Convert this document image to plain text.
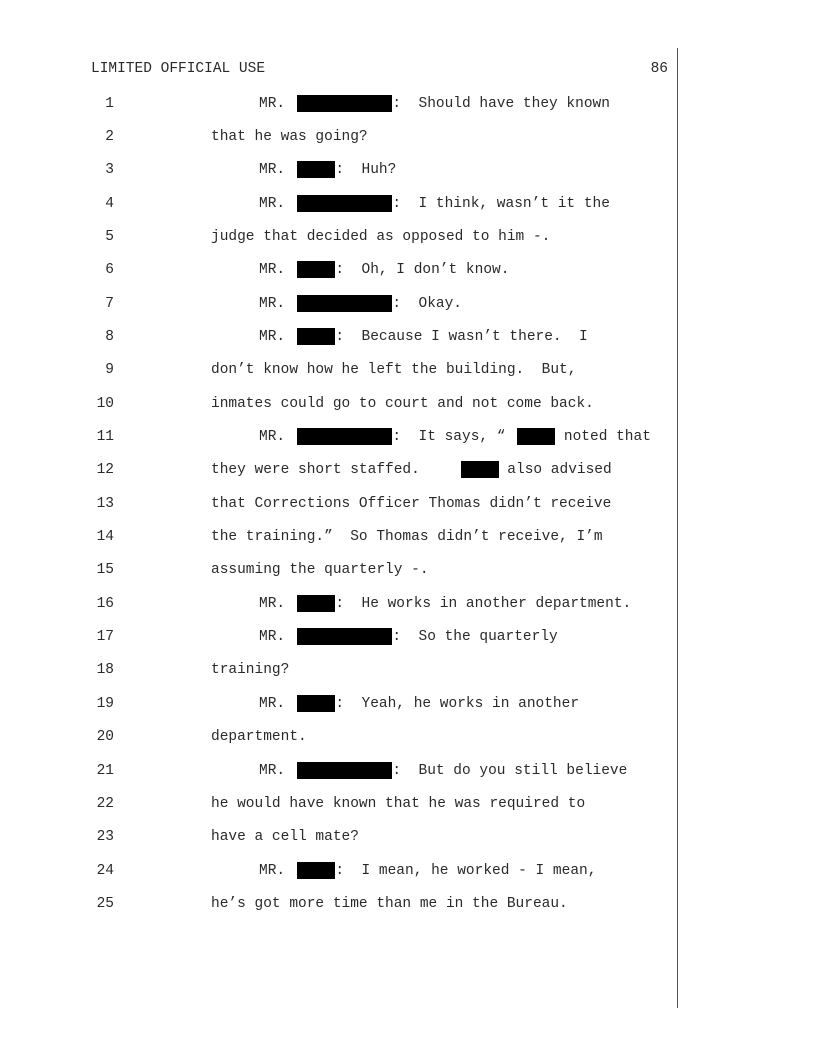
LIMITED OFFICIAL USE	86
1	MR.	:  Should have they known
2	that he was going?
3	MR.	:  Huh?
4	MR.	:  I think, wasn’t it the
5	judge that decided as opposed to him -.
6	MR.	:  Oh, I don’t know.
7	MR.	:  Okay.
8	MR.	:  Because I wasn’t there.  I
9	don’t know how he left the building.  But,
10	inmates could go to court and not come back.
11	MR.	:  It says, “	noted that
12	they were short staffed.	also advised
13	that Corrections Officer Thomas didn’t receive
14	the training.”  So Thomas didn’t receive, I’m
15	assuming the quarterly -.
16	MR.	:  He works in another department.
17	MR.	:  So the quarterly
18	training?
19	MR.	:  Yeah, he works in another
20	department.
21	MR.	:  But do you still believe
22	he would have known that he was required to
23	have a cell mate?
24	MR.	:  I mean, he worked - I mean,
25	he’s got more time than me in the Bureau.
